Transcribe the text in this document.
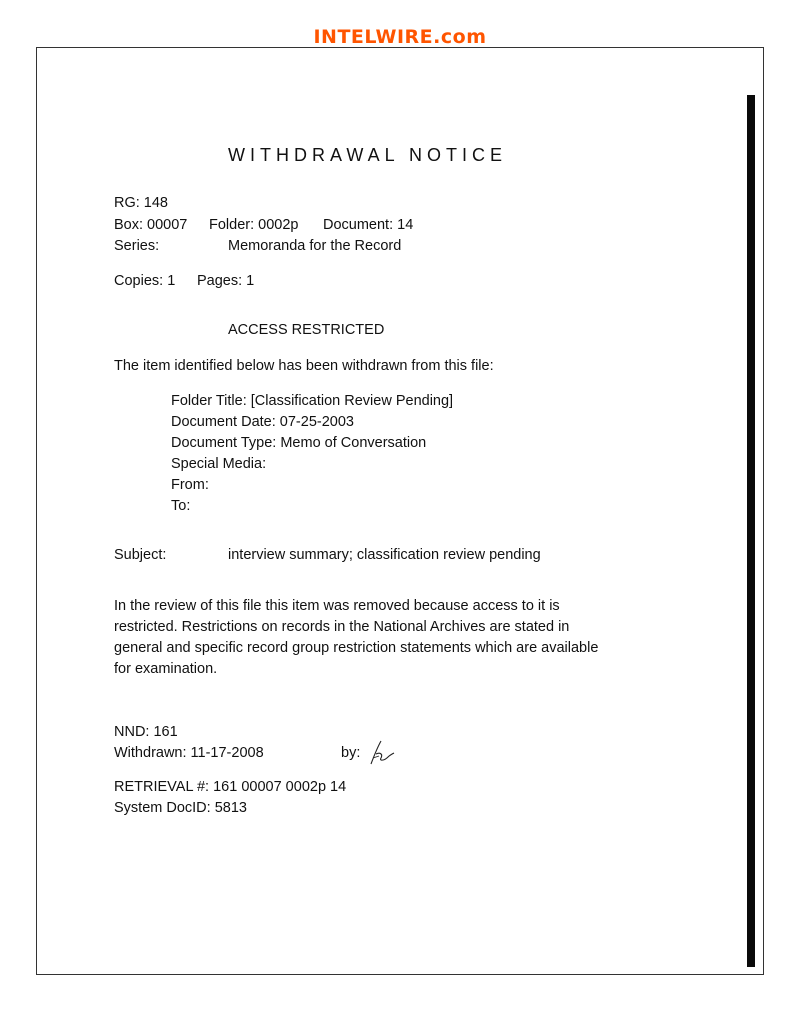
INTELWIRE.com
WITHDRAWAL NOTICE
RG: 148
Box: 00007 Folder: 0002p Document: 14
Series:	Memoranda for the Record
Copies: 1 Pages: 1
ACCESS RESTRICTED
The item identified below has been withdrawn from this file:
Folder Title: [Classification Review Pending]
Document Date: 07-25-2003
Document Type: Memo of Conversation
Special Media:
From:
To:
Subject:	interview summary; classification review pending
In the review of this file this item was removed because access to it is
restricted. Restrictions on records in the National Archives are stated in
general and specific record group restriction statements which are available
for examination.
NND: 161
Withdrawn: 11-17-2008	by:
RETRIEVAL #: 161 00007 0002p 14
System DocID: 5813
